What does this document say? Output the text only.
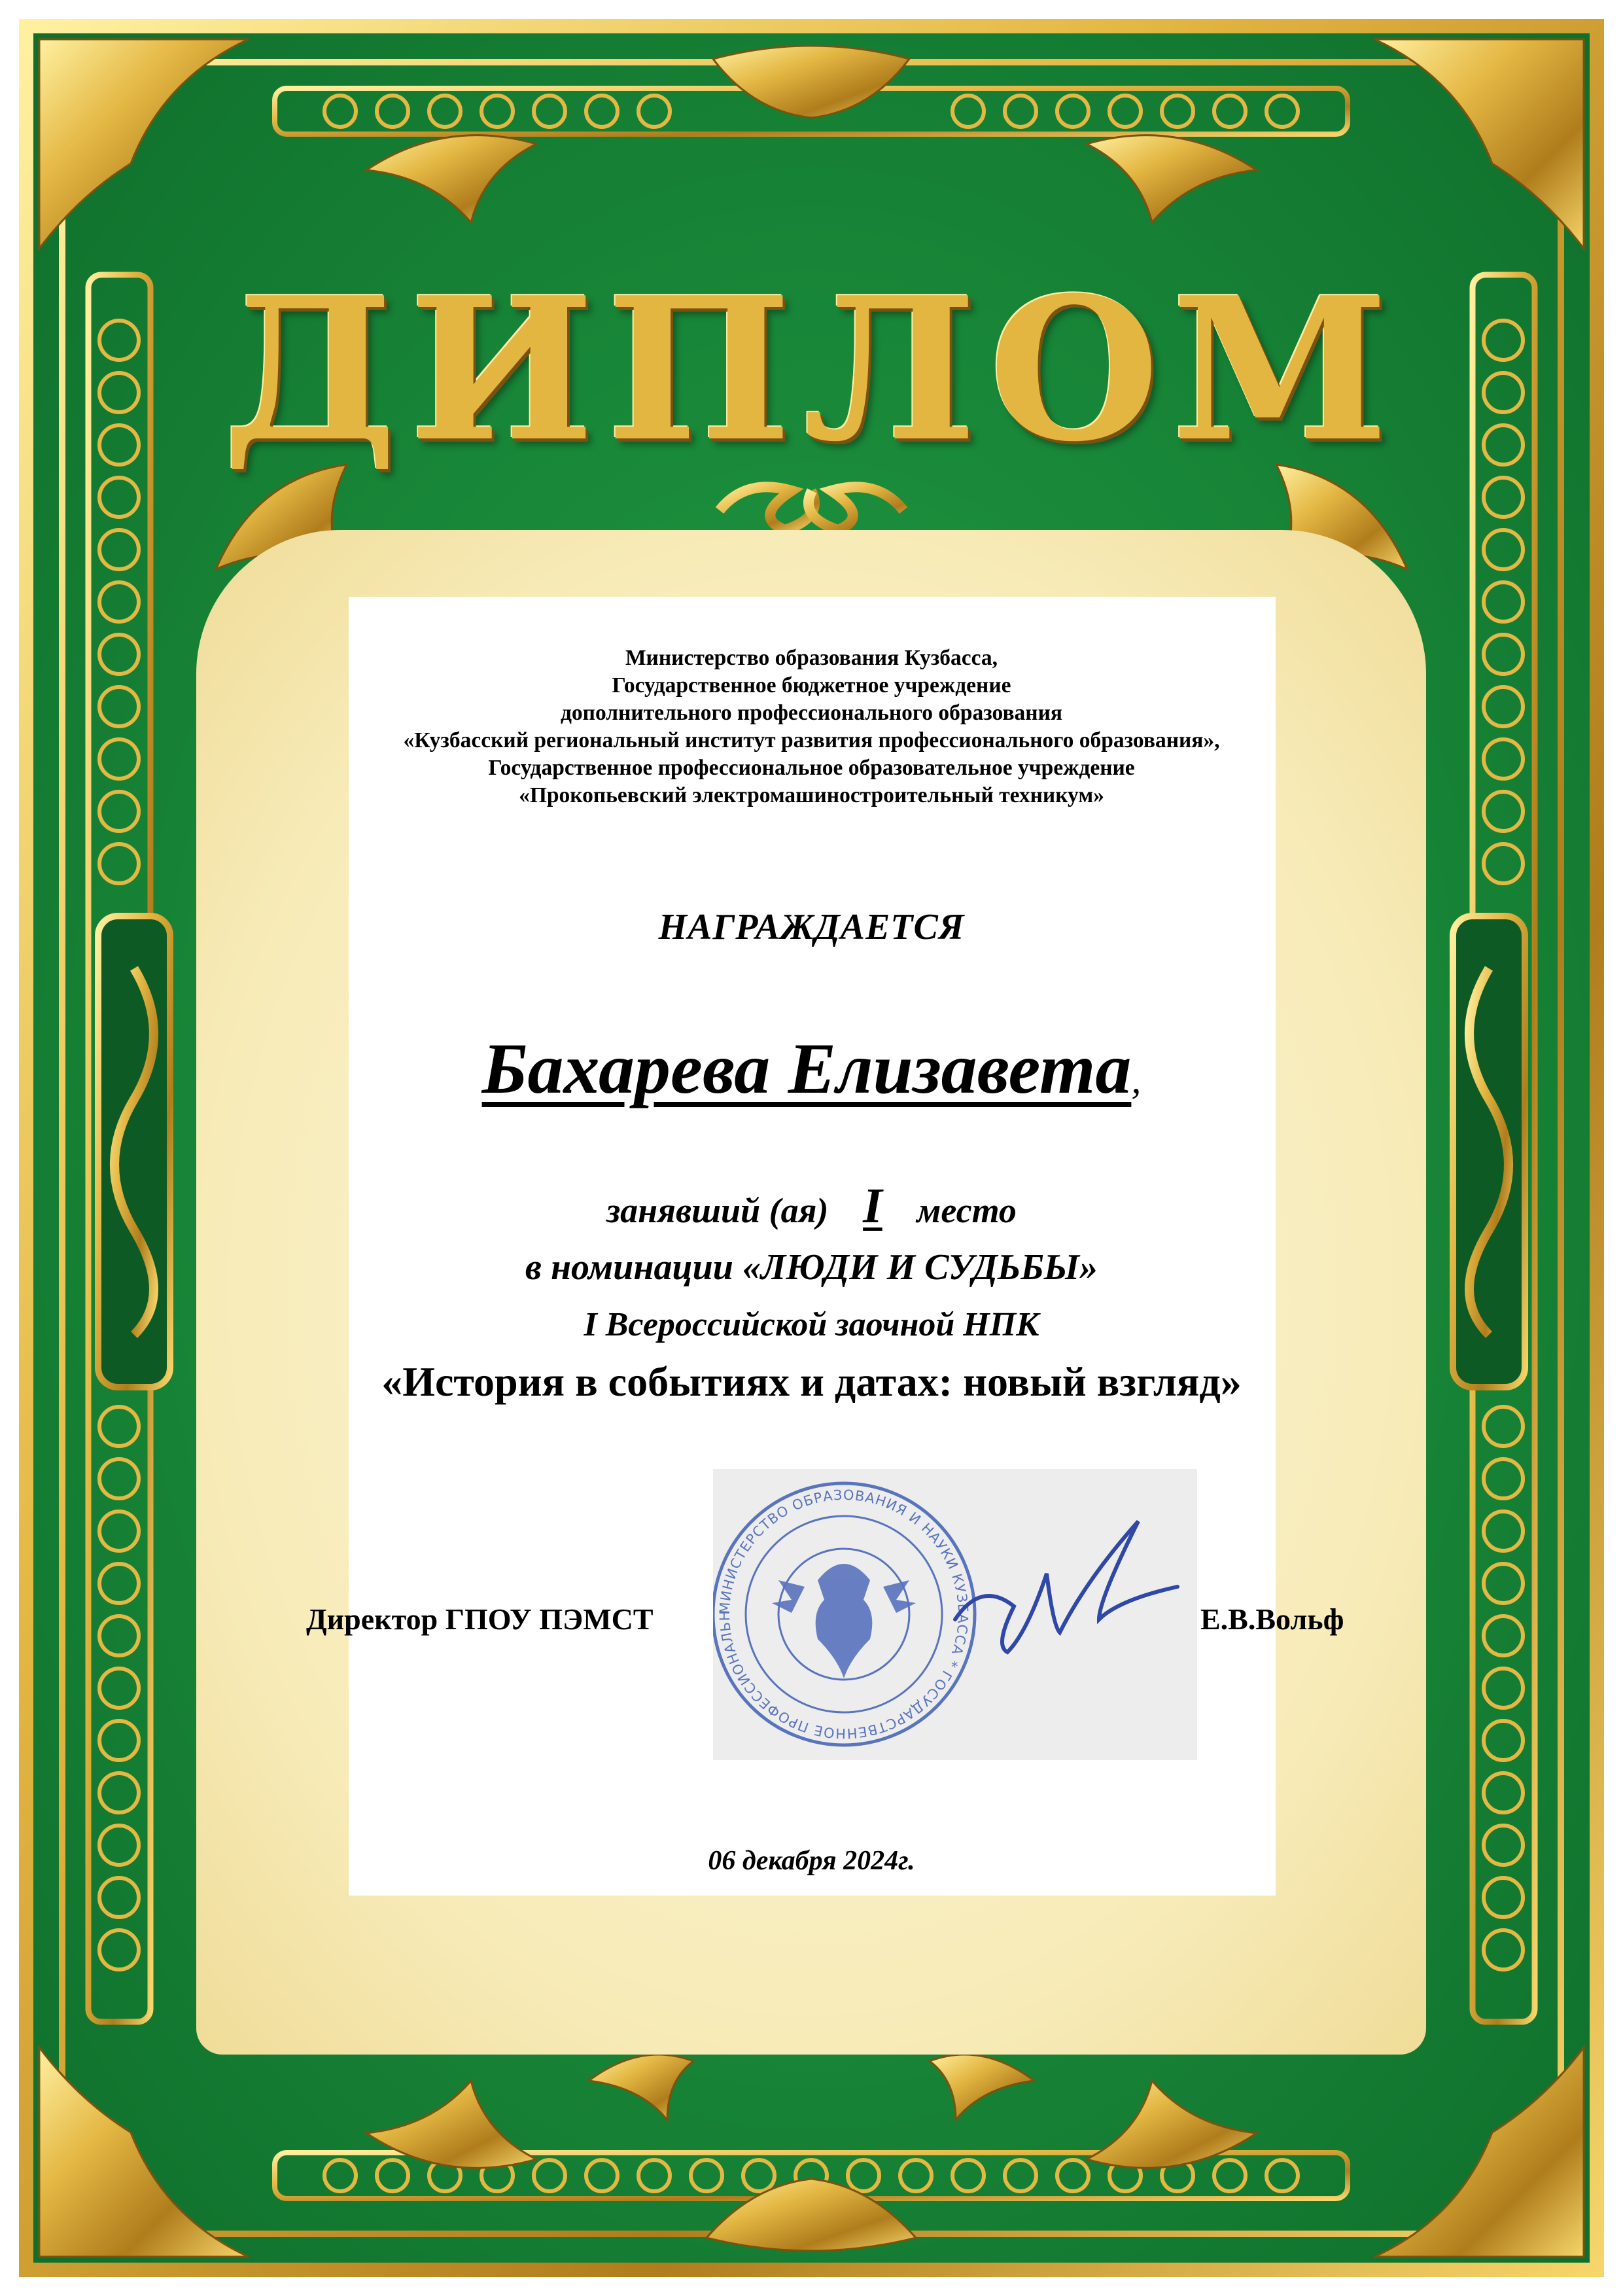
ДИПЛОМ
Министерство образования Кузбасса,
Государственное бюджетное учреждение
дополнительного профессионального образования
«Кузбасский региональный институт развития профессионального образования»,
Государственное профессиональное образовательное учреждение
«Прокопьевский электромашиностроительный техникум»
НАГРАЖДАЕТСЯ
Бахарева Елизавета,
занявший (ая) I место
в номинации «ЛЮДИ И СУДЬБЫ»
I Всероссийской заочной НПК
«История в событиях и датах: новый взгляд»
МИНИСТЕРСТВО ОБРАЗОВАНИЯ И НАУКИ КУЗБАССА * ГОСУДАРСТВЕННОЕ ПРОФЕССИОНАЛЬН
Директор ГПОУ ПЭМСТ	Е.В.Вольф
06 декабря 2024г.
